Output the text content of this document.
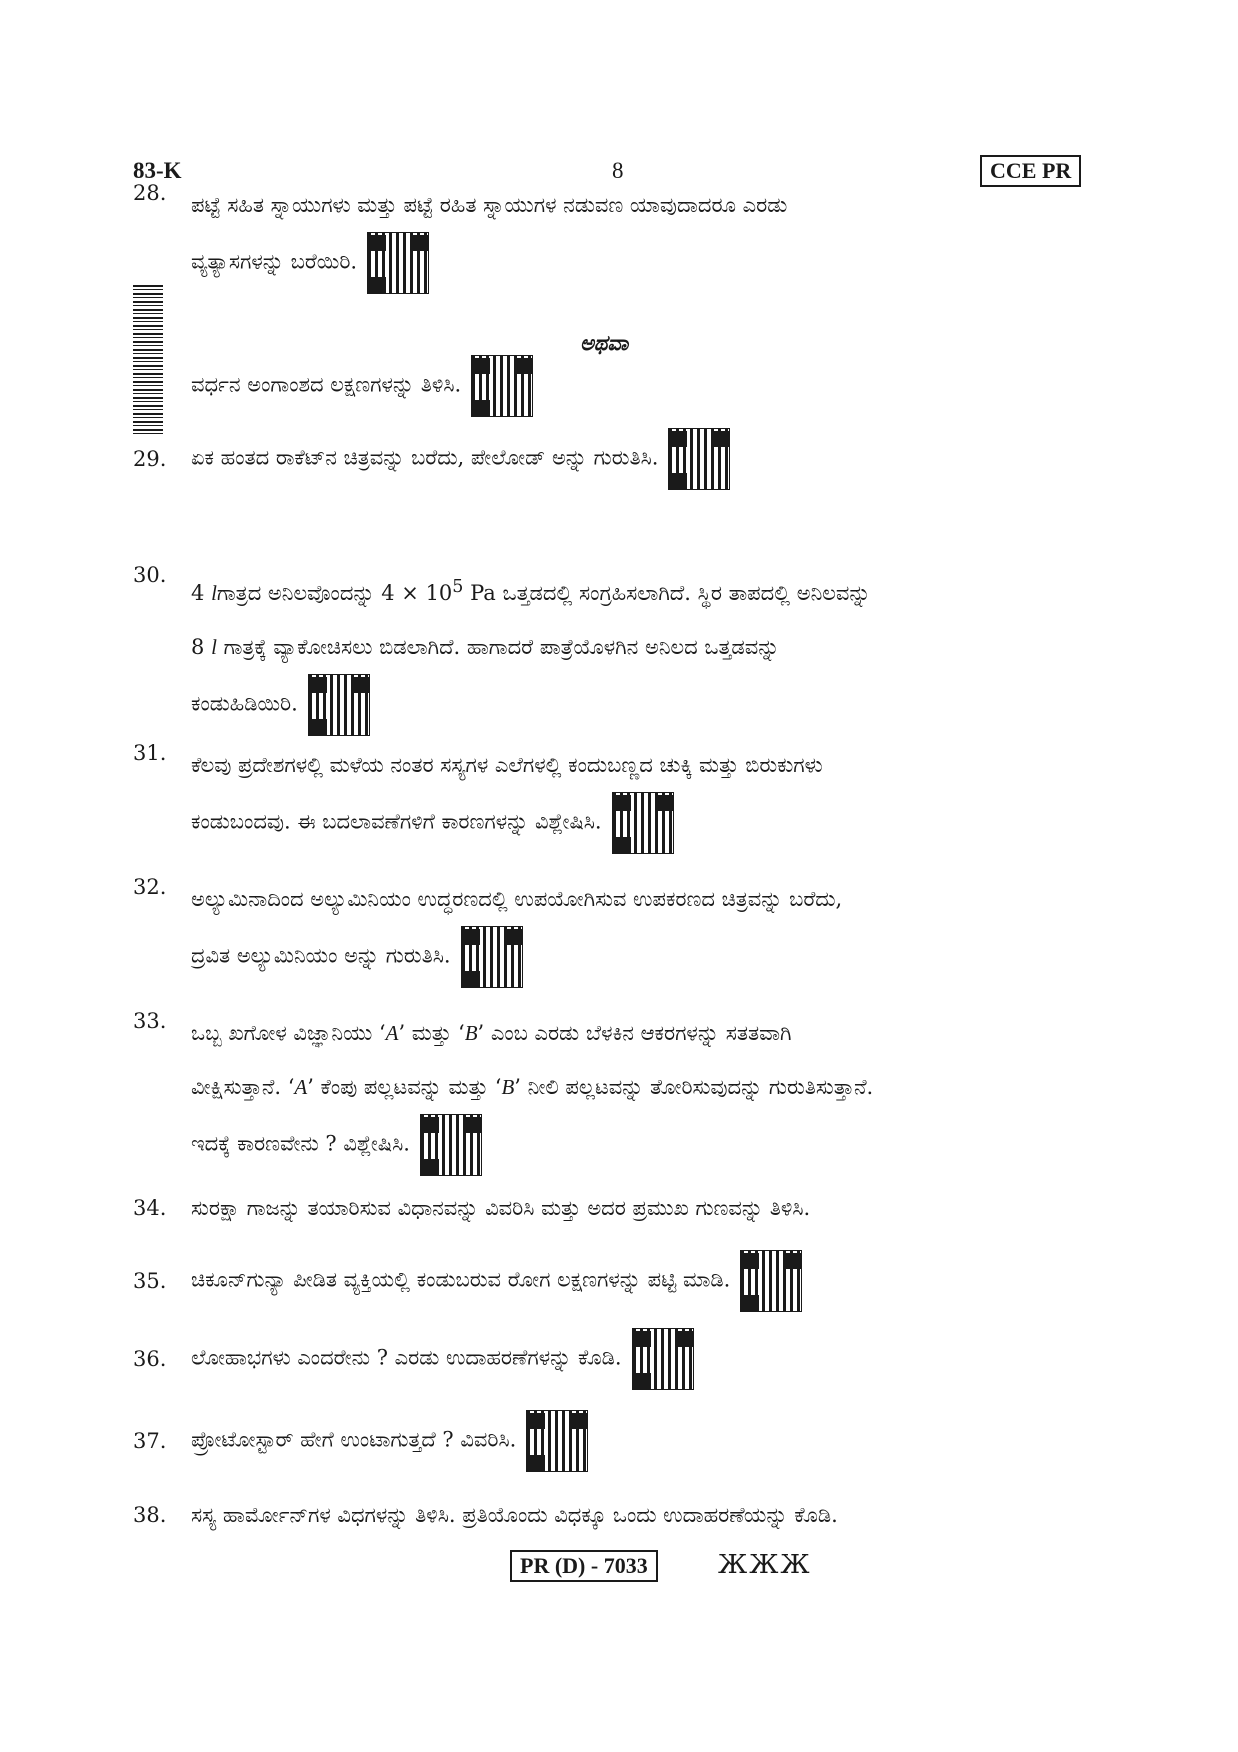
83-K	8	CCE PR
28.	ಪಟ್ಟೆ ಸಹಿತ ಸ್ನಾಯುಗಳು ಮತ್ತು ಪಟ್ಟೆ ರಹಿತ ಸ್ನಾಯುಗಳ ನಡುವಣ ಯಾವುದಾದರೂ ಎರಡು
ವ್ಯತ್ಯಾಸಗಳನ್ನು ಬರೆಯಿರಿ.
ಅಥವಾ
ವರ್ಧನ ಅಂಗಾಂಶದ ಲಕ್ಷಣಗಳನ್ನು ತಿಳಿಸಿ.
29.	ಏಕ ಹಂತದ ರಾಕೆಟ್‌ನ ಚಿತ್ರವನ್ನು ಬರೆದು, ಪೇಲೋಡ್ ಅನ್ನು ಗುರುತಿಸಿ.
30.
4 lಗಾತ್ರದ ಅನಿಲವೊಂದನ್ನು $4 \times 10^5$ Pa ಒತ್ತಡದಲ್ಲಿ ಸಂಗ್ರಹಿಸಲಾಗಿದೆ. ಸ್ಥಿರ ತಾಪದಲ್ಲಿ ಅನಿಲವನ್ನು
8 l ಗಾತ್ರಕ್ಕೆ ವ್ಯಾಕೋಚಿಸಲು ಬಿಡಲಾಗಿದೆ. ಹಾಗಾದರೆ ಪಾತ್ರೆಯೊಳಗಿನ ಅನಿಲದ ಒತ್ತಡವನ್ನು
ಕಂಡುಹಿಡಿಯಿರಿ.
31.	ಕೆಲವು ಪ್ರದೇಶಗಳಲ್ಲಿ ಮಳೆಯ ನಂತರ ಸಸ್ಯಗಳ ಎಲೆಗಳಲ್ಲಿ ಕಂದುಬಣ್ಣದ ಚುಕ್ಕಿ ಮತ್ತು ಬಿರುಕುಗಳು
ಕಂಡುಬಂದವು. ಈ ಬದಲಾವಣೆಗಳಿಗೆ ಕಾರಣಗಳನ್ನು ವಿಶ್ಲೇಷಿಸಿ.
32.	ಅಲ್ಯುಮಿನಾದಿಂದ ಅಲ್ಯುಮಿನಿಯಂ ಉದ್ಧರಣದಲ್ಲಿ ಉಪಯೋಗಿಸುವ ಉಪಕರಣದ ಚಿತ್ರವನ್ನು ಬರೆದು,
ದ್ರವಿತ ಅಲ್ಯುಮಿನಿಯಂ ಅನ್ನು ಗುರುತಿಸಿ.
33.	ಒಬ್ಬ ಖಗೋಳ ವಿಜ್ಞಾನಿಯು ‘A’ ಮತ್ತು ‘B’ ಎಂಬ ಎರಡು ಬೆಳಕಿನ ಆಕರಗಳನ್ನು ಸತತವಾಗಿ
ವೀಕ್ಷಿಸುತ್ತಾನೆ. ‘A’ ಕೆಂಪು ಪಲ್ಲಟವನ್ನು ಮತ್ತು ‘B’ ನೀಲಿ ಪಲ್ಲಟವನ್ನು ತೋರಿಸುವುದನ್ನು ಗುರುತಿಸುತ್ತಾನೆ.
ಇದಕ್ಕೆ ಕಾರಣವೇನು ? ವಿಶ್ಲೇಷಿಸಿ.
34.	ಸುರಕ್ಷಾ ಗಾಜನ್ನು ತಯಾರಿಸುವ ವಿಧಾನವನ್ನು ವಿವರಿಸಿ ಮತ್ತು ಅದರ ಪ್ರಮುಖ ಗುಣವನ್ನು ತಿಳಿಸಿ.
35.	ಚಿಕೂನ್‌ಗುನ್ಯಾ ಪೀಡಿತ ವ್ಯಕ್ತಿಯಲ್ಲಿ ಕಂಡುಬರುವ ರೋಗ ಲಕ್ಷಣಗಳನ್ನು ಪಟ್ಟಿ ಮಾಡಿ.
36.	ಲೋಹಾಭಗಳು ಎಂದರೇನು ? ಎರಡು ಉದಾಹರಣೆಗಳನ್ನು ಕೊಡಿ.
37.	ಪ್ರೋಟೋಸ್ಟಾರ್ ಹೇಗೆ ಉಂಟಾಗುತ್ತದೆ ? ವಿವರಿಸಿ.
38.	ಸಸ್ಯ ಹಾರ್ಮೋನ್‌ಗಳ ವಿಧಗಳನ್ನು ತಿಳಿಸಿ. ಪ್ರತಿಯೊಂದು ವಿಧಕ್ಕೂ ಒಂದು ಉದಾಹರಣೆಯನ್ನು ಕೊಡಿ.
PR (D) - 7033	ЖЖЖ
